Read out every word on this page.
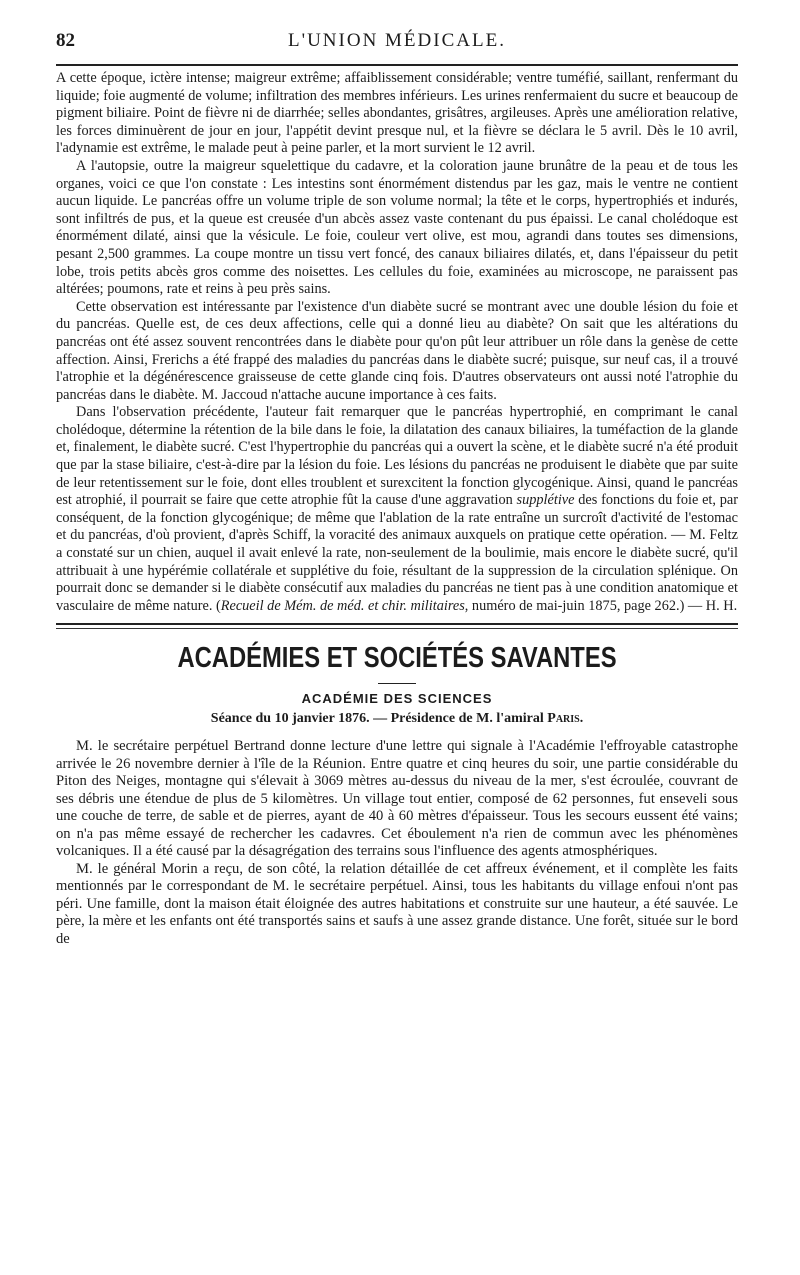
82	L'UNION MÉDICALE.

A cette époque, ictère intense; maigreur extrême; affaiblissement considérable; ventre tuméfié, saillant, renfermant du liquide; foie augmenté de volume; infiltration des membres inférieurs. Les urines renfermaient du sucre et beaucoup de pigment biliaire. Point de fièvre ni de diarrhée; selles abondantes, grisâtres, argileuses. Après une amélioration relative, les forces diminuèrent de jour en jour, l'appétit devint presque nul, et la fièvre se déclara le 5 avril. Dès le 10 avril, l'adynamie est extrême, le malade peut à peine parler, et la mort survient le 12 avril.

A l'autopsie, outre la maigreur squelettique du cadavre, et la coloration jaune brunâtre de la peau et de tous les organes, voici ce que l'on constate : Les intestins sont énormément distendus par les gaz, mais le ventre ne contient aucun liquide. Le pancréas offre un volume triple de son volume normal; la tête et le corps, hypertrophiés et indurés, sont infiltrés de pus, et la queue est creusée d'un abcès assez vaste contenant du pus épaissi. Le canal cholédoque est énormément dilaté, ainsi que la vésicule. Le foie, couleur vert olive, est mou, agrandi dans toutes ses dimensions, pesant 2,500 grammes. La coupe montre un tissu vert foncé, des canaux biliaires dilatés, et, dans l'épaisseur du petit lobe, trois petits abcès gros comme des noisettes. Les cellules du foie, examinées au microscope, ne paraissent pas altérées; poumons, rate et reins à peu près sains.

Cette observation est intéressante par l'existence d'un diabète sucré se montrant avec une double lésion du foie et du pancréas. Quelle est, de ces deux affections, celle qui a donné lieu au diabète? On sait que les altérations du pancréas ont été assez souvent rencontrées dans le diabète pour qu'on pût leur attribuer un rôle dans la genèse de cette affection. Ainsi, Frerichs a été frappé des maladies du pancréas dans le diabète sucré; puisque, sur neuf cas, il a trouvé l'atrophie et la dégénérescence graisseuse de cette glande cinq fois. D'autres observateurs ont aussi noté l'atrophie du pancréas dans le diabète. M. Jaccoud n'attache aucune importance à ces faits.

Dans l'observation précédente, l'auteur fait remarquer que le pancréas hypertrophié, en comprimant le canal cholédoque, détermine la rétention de la bile dans le foie, la dilatation des canaux biliaires, la tuméfaction de la glande et, finalement, le diabète sucré. C'est l'hypertrophie du pancréas qui a ouvert la scène, et le diabète sucré n'a été produit que par la stase biliaire, c'est-à-dire par la lésion du foie. Les lésions du pancréas ne produisent le diabète que par suite de leur retentissement sur le foie, dont elles troublent et surexcitent la fonction glycogénique. Ainsi, quand le pancréas est atrophié, il pourrait se faire que cette atrophie fût la cause d'une aggravation supplétive des fonctions du foie et, par conséquent, de la fonction glycogénique; de même que l'ablation de la rate entraîne un surcroît d'activité de l'estomac et du pancréas, d'où provient, d'après Schiff, la voracité des animaux auxquels on pratique cette opération. — M. Feltz a constaté sur un chien, auquel il avait enlevé la rate, non-seulement de la boulimie, mais encore le diabète sucré, qu'il attribuait à une hypérémie collatérale et supplétive du foie, résultant de la suppression de la circulation splénique. On pourrait donc se demander si le diabète consécutif aux maladies du pancréas ne tient pas à une condition anatomique et vasculaire de même nature. (Recueil de Mém. de méd. et chir. militaires, numéro de mai-juin 1875, page 262.) — H. H.

ACADÉMIES ET SOCIÉTÉS SAVANTES
ACADÉMIE DES SCIENCES
Séance du 10 janvier 1876. — Présidence de M. l'amiral Paris.

M. le secrétaire perpétuel Bertrand donne lecture d'une lettre qui signale à l'Académie l'effroyable catastrophe arrivée le 26 novembre dernier à l'île de la Réunion. Entre quatre et cinq heures du soir, une partie considérable du Piton des Neiges, montagne qui s'élevait à 3069 mètres au-dessus du niveau de la mer, s'est écroulée, couvrant de ses débris une étendue de plus de 5 kilomètres. Un village tout entier, composé de 62 personnes, fut enseveli sous une couche de terre, de sable et de pierres, ayant de 40 à 60 mètres d'épaisseur. Tous les secours eussent été vains; on n'a pas même essayé de rechercher les cadavres. Cet éboulement n'a rien de commun avec les phénomènes volcaniques. Il a été causé par la désagrégation des terrains sous l'influence des agents atmosphériques.

M. le général Morin a reçu, de son côté, la relation détaillée de cet affreux événement, et il complète les faits mentionnés par le correspondant de M. le secrétaire perpétuel. Ainsi, tous les habitants du village enfoui n'ont pas péri. Une famille, dont la maison était éloignée des autres habitations et construite sur une hauteur, a été sauvée. Le père, la mère et les enfants ont été transportés sains et saufs à une assez grande distance. Une forêt, située sur le bord de
